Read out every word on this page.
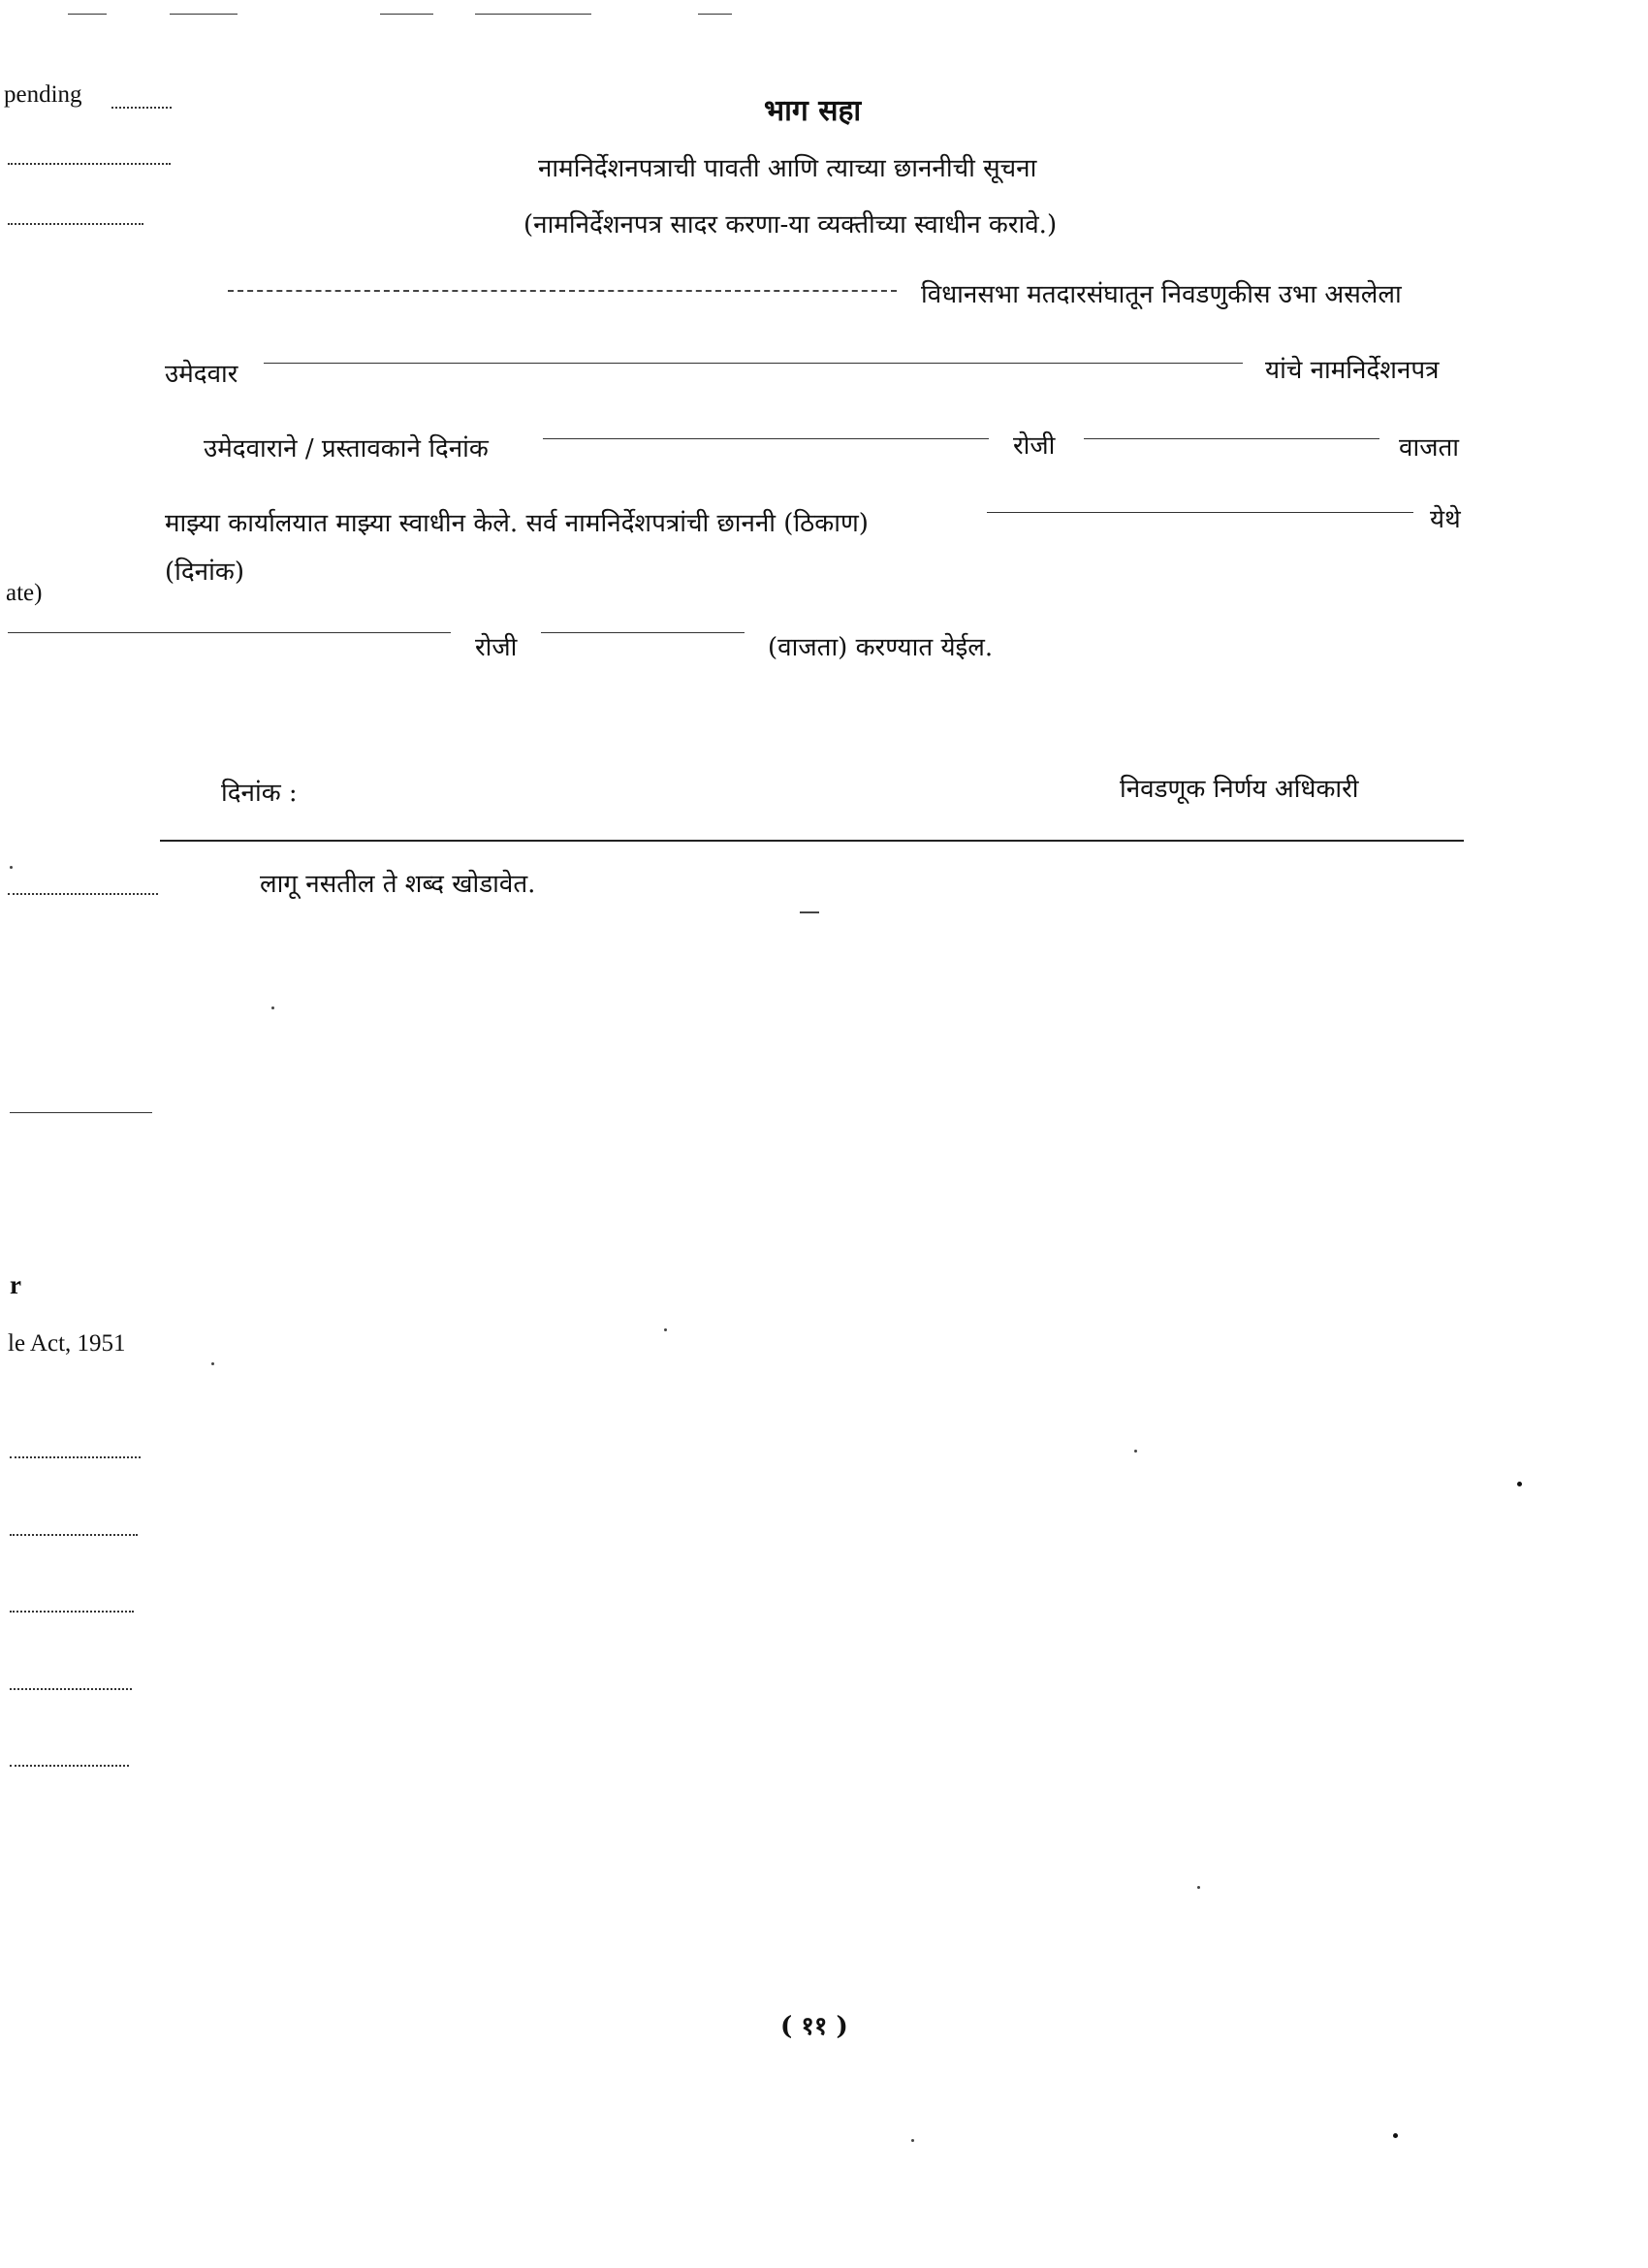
pending
ate)
r
le Act, 1951
भाग सहा
नामनिर्देशनपत्राची पावती आणि त्याच्या छाननीची सूचना
(नामनिर्देशनपत्र सादर करणा-या व्यक्तीच्या स्वाधीन करावे.)
विधानसभा मतदारसंघातून निवडणुकीस उभा असलेला
उमेदवार	यांचे नामनिर्देशनपत्र
उमेदवाराने / प्रस्तावकाने दिनांक	रोजी	वाजता
माझ्या कार्यालयात माझ्या स्वाधीन केले. सर्व नामनिर्देशपत्रांची छाननी (ठिकाण)	येथे
(दिनांक)
रोजी	(वाजता) करण्यात येईल.
दिनांक :	निवडणूक निर्णय अधिकारी
लागू नसतील ते शब्द खोडावेत.
( ११ )
